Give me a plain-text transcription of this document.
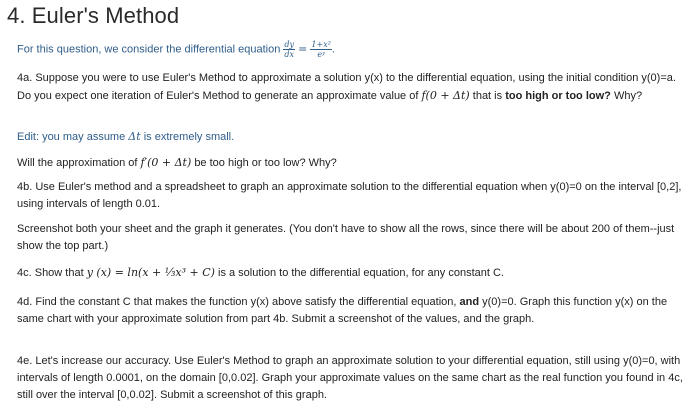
4. Euler's Method

For this question, we consider the differential equation $\frac{dy}{dx} = \frac{\text{1+x²}}{\text{eʸ}}$ .

4a. Suppose you were to use Euler's Method to approximate a solution y(x) to the differential equation, using the initial condition y(0)=a. Do you expect one iteration of Euler's Method to generate an approximate value of f(0 + Δt) that is too high or too low? Why?

Edit: you may assume Δt is extremely small.

Will the approximation of f′(0 + Δt) be too high or too low? Why?

4b. Use Euler's method and a spreadsheet to graph an approximate solution to the differential equation when y(0)=0 on the interval [0,2], using intervals of length 0.01.

Screenshot both your sheet and the graph it generates. (You don't have to show all the rows, since there will be about 200 of them--just show the top part.)

4c. Show that y (x) = ln(x + ⅓x³ + C) is a solution to the differential equation, for any constant C.

4d. Find the constant C that makes the function y(x) above satisfy the differential equation, and y(0)=0. Graph this function y(x) on the same chart with your approximate solution from part 4b. Submit a screenshot of the values, and the graph.

4e. Let's increase our accuracy. Use Euler's Method to graph an approximate solution to your differential equation, still using y(0)=0, with intervals of length 0.0001, on the domain [0,0.02]. Graph your approximate values on the same chart as the real function you found in 4c, still over the interval [0,0.02]. Submit a screenshot of this graph.
